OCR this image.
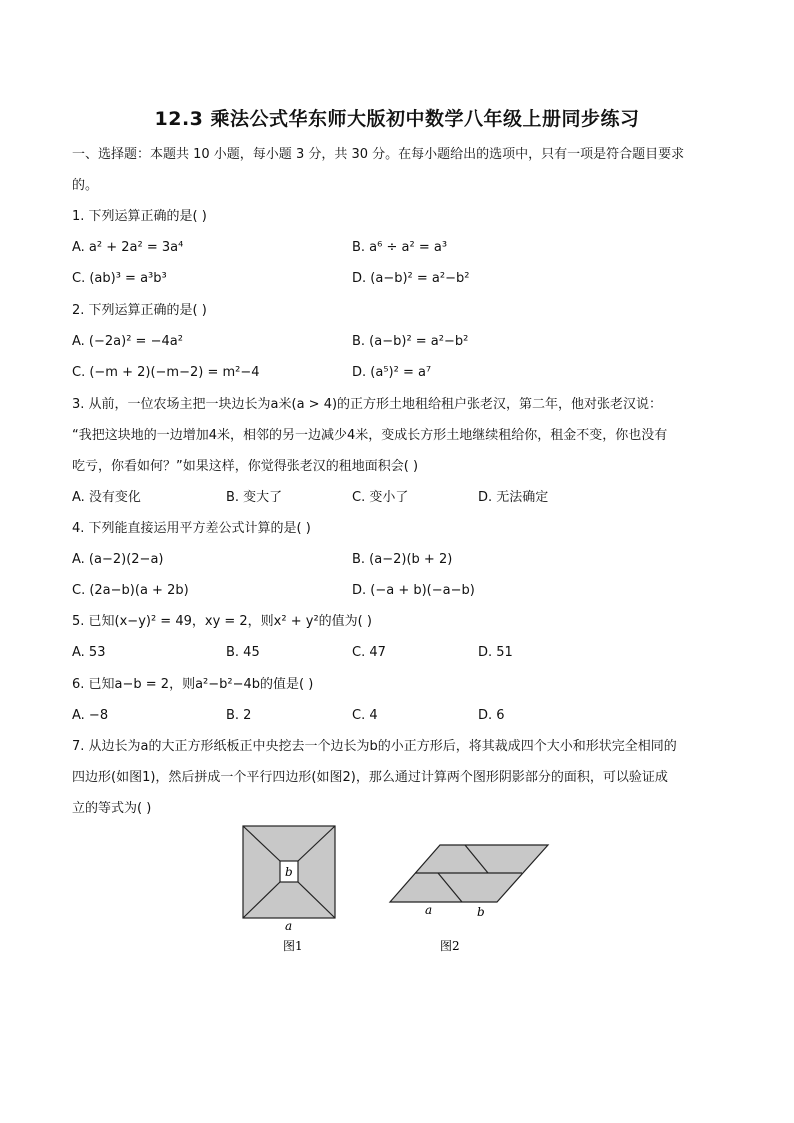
12.3 乘法公式华东师大版初中数学八年级上册同步练习
一、选择题：本题共 10 小题，每小题 3 分，共 30 分。在每小题给出的选项中，只有一项是符合题目要求
的。
1. 下列运算正确的是( )
A. a² + 2a² = 3a⁴	B. a⁶ ÷ a² = a³
C. (ab)³ = a³b³	D. (a−b)² = a²−b²
2. 下列运算正确的是( )
A. (−2a)² = −4a²	B. (a−b)² = a²−b²
C. (−m + 2)(−m−2) = m²−4	D. (a⁵)² = a⁷
3. 从前，一位农场主把一块边长为a米(a > 4)的正方形土地租给租户张老汉，第二年，他对张老汉说：
“我把这块地的一边增加4米，相邻的另一边减少4米，变成长方形土地继续租给你，租金不变，你也没有
吃亏，你看如何？”如果这样，你觉得张老汉的租地面积会( )
A. 没有变化	B. 变大了	C. 变小了	D. 无法确定
4. 下列能直接运用平方差公式计算的是( )
A. (a−2)(2−a)	B. (a−2)(b + 2)
C. (2a−b)(a + 2b)	D. (−a + b)(−a−b)
5. 已知(x−y)² = 49，xy = 2，则x² + y²的值为( )
A. 53	B. 45	C. 47	D. 51
6. 已知a−b = 2，则a²−b²−4b的值是( )
A. −8	B. 2	C. 4	D. 6
7. 从边长为a的大正方形纸板正中央挖去一个边长为b的小正方形后，将其裁成四个大小和形状完全相同的
四边形(如图1)，然后拼成一个平行四边形(如图2)，那么通过计算两个图形阴影部分的面积，可以验证成
立的等式为( )
b
a
图1
a	b
图2
